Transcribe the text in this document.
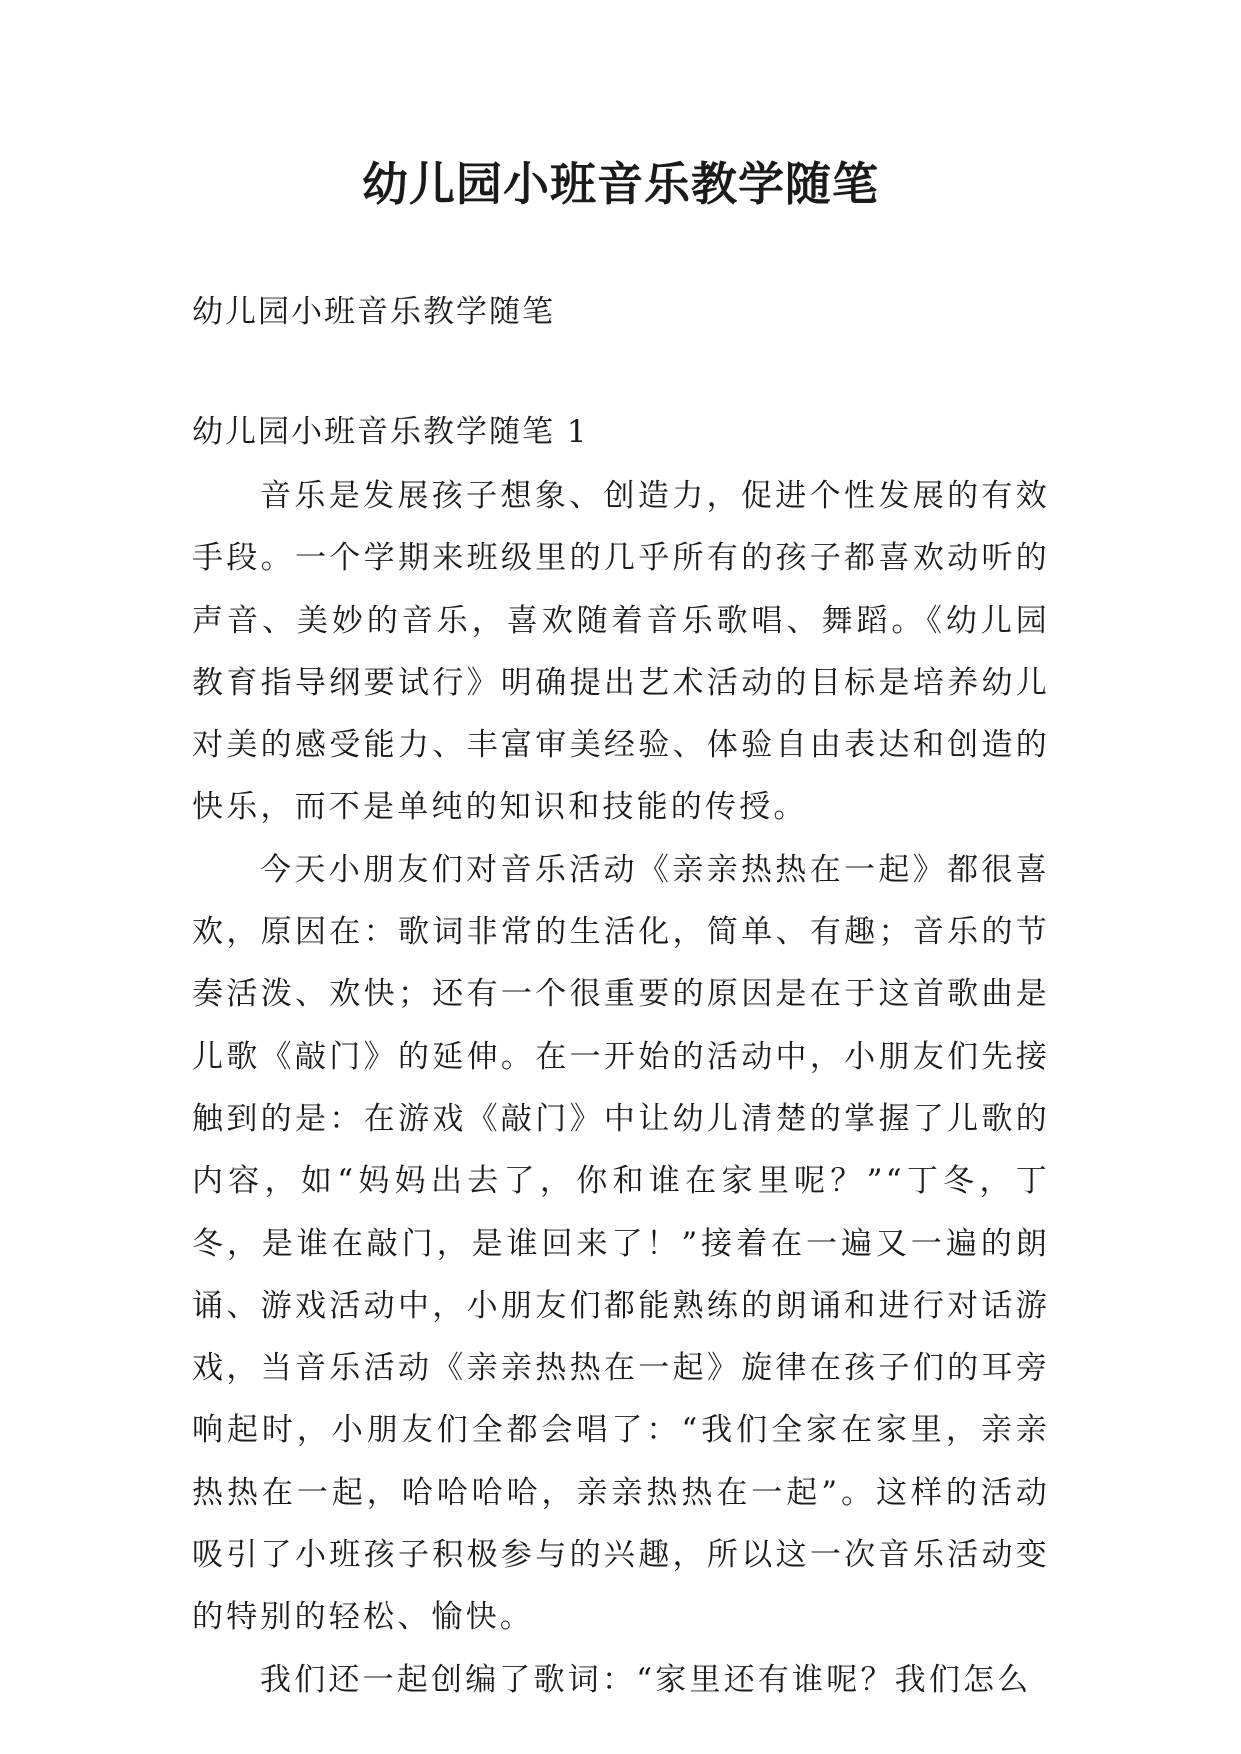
幼儿园小班音乐教学随笔

幼儿园小班音乐教学随笔

幼儿园小班音乐教学随笔 1

音乐是发展孩子想象、创造力，促进个性发展的有效手段。一个学期来班级里的几乎所有的孩子都喜欢动听的声音、美妙的音乐，喜欢随着音乐歌唱、舞蹈。《幼儿园教育指导纲要试行》明确提出艺术活动的目标是培养幼儿对美的感受能力、丰富审美经验、体验自由表达和创造的快乐，而不是单纯的知识和技能的传授。

今天小朋友们对音乐活动《亲亲热热在一起》都很喜欢，原因在：歌词非常的生活化，简单、有趣；音乐的节奏活泼、欢快；还有一个很重要的原因是在于这首歌曲是儿歌《敲门》的延伸。在一开始的活动中，小朋友们先接触到的是：在游戏《敲门》中让幼儿清楚的掌握了儿歌的内容，如“妈妈出去了，你和谁在家里呢？”“丁冬，丁冬，是谁在敲门，是谁回来了！”接着在一遍又一遍的朗诵、游戏活动中，小朋友们都能熟练的朗诵和进行对话游戏，当音乐活动《亲亲热热在一起》旋律在孩子们的耳旁响起时，小朋友们全都会唱了：“我们全家在家里，亲亲热热在一起，哈哈哈哈，亲亲热热在一起”。这样的活动吸引了小班孩子积极参与的兴趣，所以这一次音乐活动变的特别的轻松、愉快。

我们还一起创编了歌词：“家里还有谁呢？我们怎么
